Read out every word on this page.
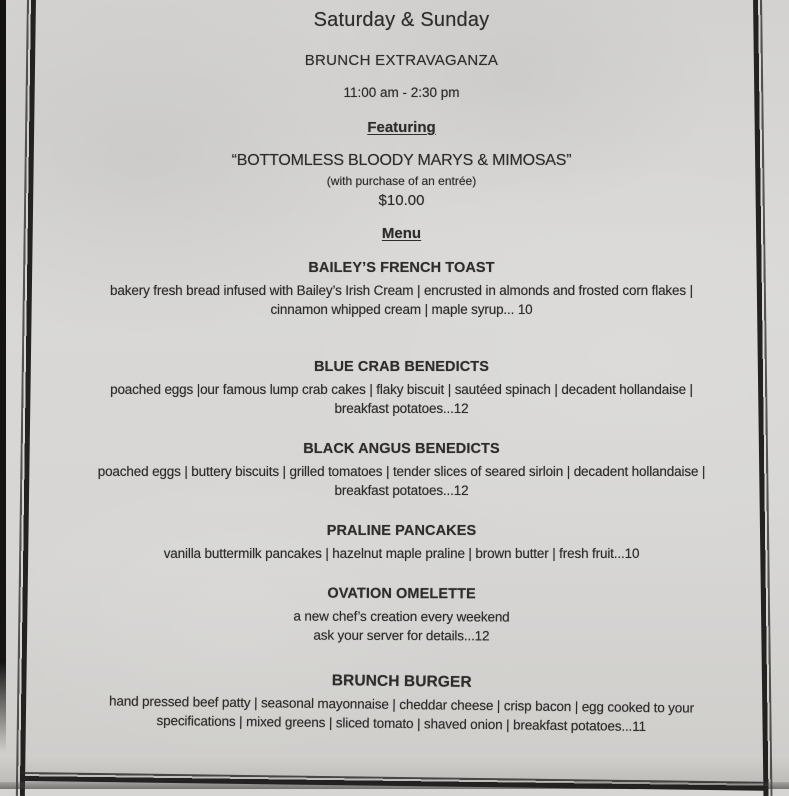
Saturday & Sunday
BRUNCH EXTRAVAGANZA
11:00 am - 2:30 pm
Featuring
“BOTTOMLESS BLOODY MARYS & MIMOSAS”
(with purchase of an entrée)
$10.00
Menu
BAILEY’S FRENCH TOAST
bakery fresh bread infused with Bailey’s Irish Cream | encrusted in almonds and frosted corn flakes |
cinnamon whipped cream | maple syrup... 10
BLUE CRAB BENEDICTS
poached eggs |our famous lump crab cakes | flaky biscuit | sautéed spinach | decadent hollandaise |
breakfast potatoes...12
BLACK ANGUS BENEDICTS
poached eggs | buttery biscuits | grilled tomatoes | tender slices of seared sirloin | decadent hollandaise |
breakfast potatoes...12
PRALINE PANCAKES
vanilla buttermilk pancakes | hazelnut maple praline | brown butter | fresh fruit...10
OVATION OMELETTE
a new chef’s creation every weekend
ask your server for details...12
BRUNCH BURGER
hand pressed beef patty | seasonal mayonnaise | cheddar cheese | crisp bacon | egg cooked to your
specifications | mixed greens | sliced tomato | shaved onion | breakfast potatoes...11
